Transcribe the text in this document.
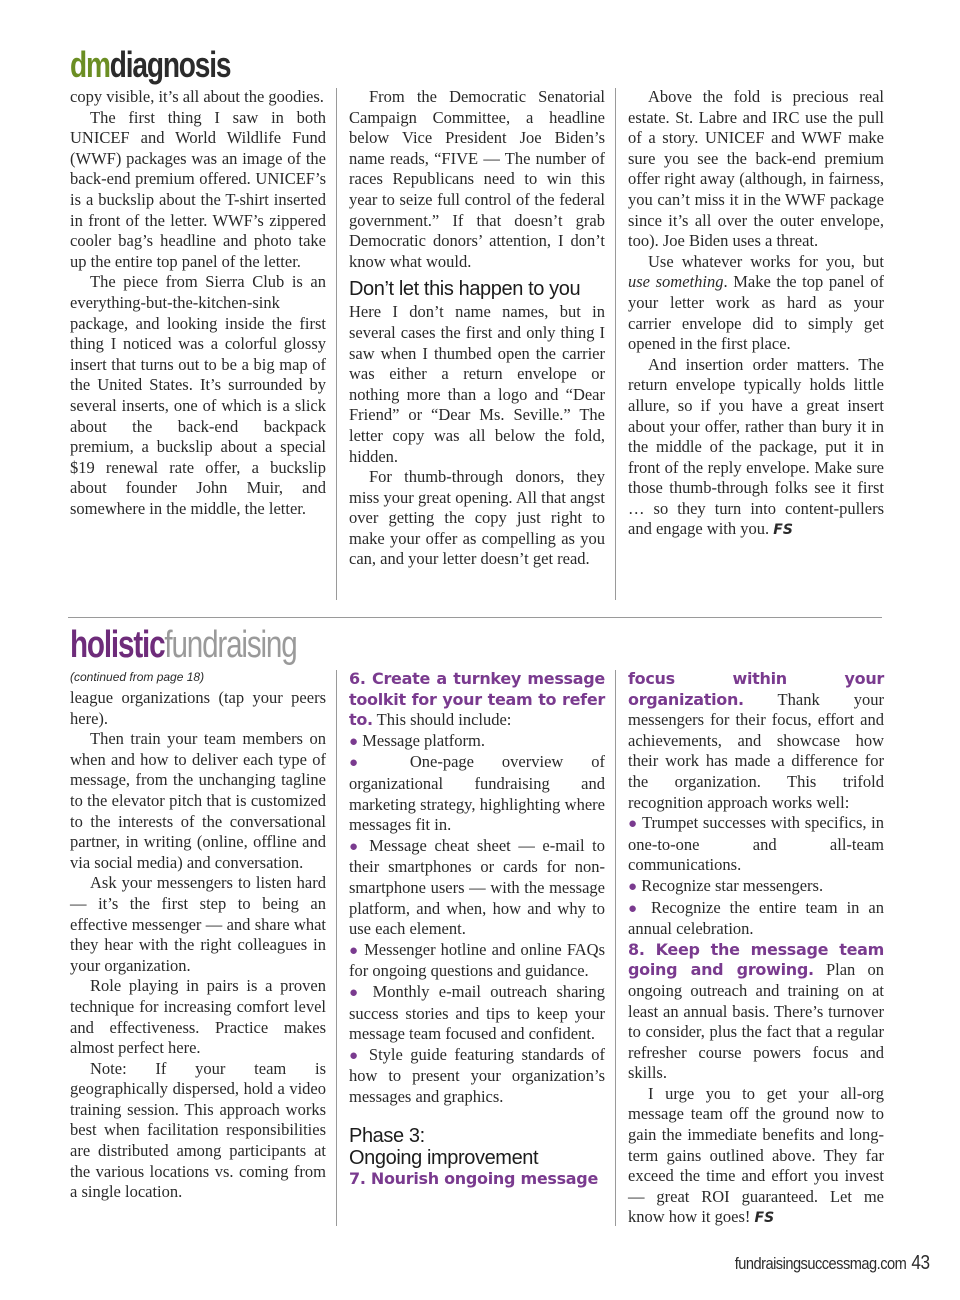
dmdiagnosis

copy visible, it’s all about the goodies.

The first thing I saw in both UNICEF and World Wildlife Fund (WWF) packages was an image of the back-end premium offered. UNICEF’s is a buckslip about the T-shirt inserted in front of the letter. WWF’s zippered cooler bag’s headline and photo take up the entire top panel of the letter.

The piece from Sierra Club is an everything-but-the-kitchen-sink package, and looking inside the first thing I noticed was a colorful glossy insert that turns out to be a big map of the United States. It’s surrounded by several inserts, one of which is a slick about the back-end backpack premium, a buckslip about a special $19 renewal rate offer, a buckslip about founder John Muir, and somewhere in the middle, the letter.

From the Democratic Senatorial Campaign Committee, a headline below Vice President Joe Biden’s name reads, “FIVE — The number of races Republicans need to win this year to seize full control of the federal government.” If that doesn’t grab Democratic donors’ attention, I don’t know what would.

Don’t let this happen to you

Here I don’t name names, but in several cases the first and only thing I saw when I thumbed open the carrier was either a return envelope or nothing more than a logo and “Dear Friend” or “Dear Ms. Seville.” The letter copy was all below the fold, hidden.

For thumb-through donors, they miss your great opening. All that angst over getting the copy just right to make your offer as compelling as you can, and your letter doesn’t get read.

Above the fold is precious real estate. St. Labre and IRC use the pull of a story. UNICEF and WWF make sure you see the back-end premium offer right away (although, in fairness, you can’t miss it in the WWF package since it’s all over the outer envelope, too). Joe Biden uses a threat.

Use whatever works for you, but use something. Make the top panel of your letter work as hard as your carrier envelope did to simply get opened in the first place.

And insertion order matters. The return envelope typically holds little allure, so if you have a great insert about your offer, rather than bury it in the middle of the package, put it in front of the reply envelope. Make sure those thumb-through folks see it first … so they turn into content-pullers and engage with you. FS

holisticfundraising
(continued from page 18)

league organizations (tap your peers here).

Then train your team members on when and how to deliver each type of message, from the unchanging tagline to the elevator pitch that is customized to the interests of the conversational partner, in writing (online, offline and via social media) and conversation.

Ask your messengers to listen hard — it’s the first step to being an effective messenger — and share what they hear with the right colleagues in your organization.

Role playing in pairs is a proven technique for increasing comfort level and effectiveness. Practice makes almost perfect here.

Note: If your team is geographically dispersed, hold a video training session. This approach works best when facilitation responsibilities are distributed among participants at the various locations vs. coming from a single location.

6. Create a turnkey message toolkit for your team to refer to. This should include:

● Message platform.

● One-page overview of organizational fundraising and marketing strategy, highlighting where messages fit in.

● Message cheat sheet — e-mail to their smartphones or cards for non-smartphone users — with the message platform, and when, how and why to use each element.

● Messenger hotline and online FAQs for ongoing questions and guidance.

● Monthly e-mail outreach sharing success stories and tips to keep your message team focused and confident.

● Style guide featuring standards of how to present your organization’s messages and graphics.

Phase 3:
Ongoing improvement

7. Nourish ongoing message

focus within your organization. Thank your messengers for their focus, effort and achievements, and showcase how their work has made a difference for the organization. This trifold recognition approach works well:

● Trumpet successes with specifics, in one-to-one and all-team communications.

● Recognize star messengers.

● Recognize the entire team in an annual celebration.

8. Keep the message team going and growing. Plan on ongoing outreach and training on at least an annual basis. There’s turnover to consider, plus the fact that a regular refresher course powers focus and skills.

I urge you to get your all-org message team off the ground now to gain the immediate benefits and long-term gains outlined above. They far exceed the time and effort you invest — great ROI guaranteed. Let me know how it goes! FS

fundraisingsuccessmag.com 43
